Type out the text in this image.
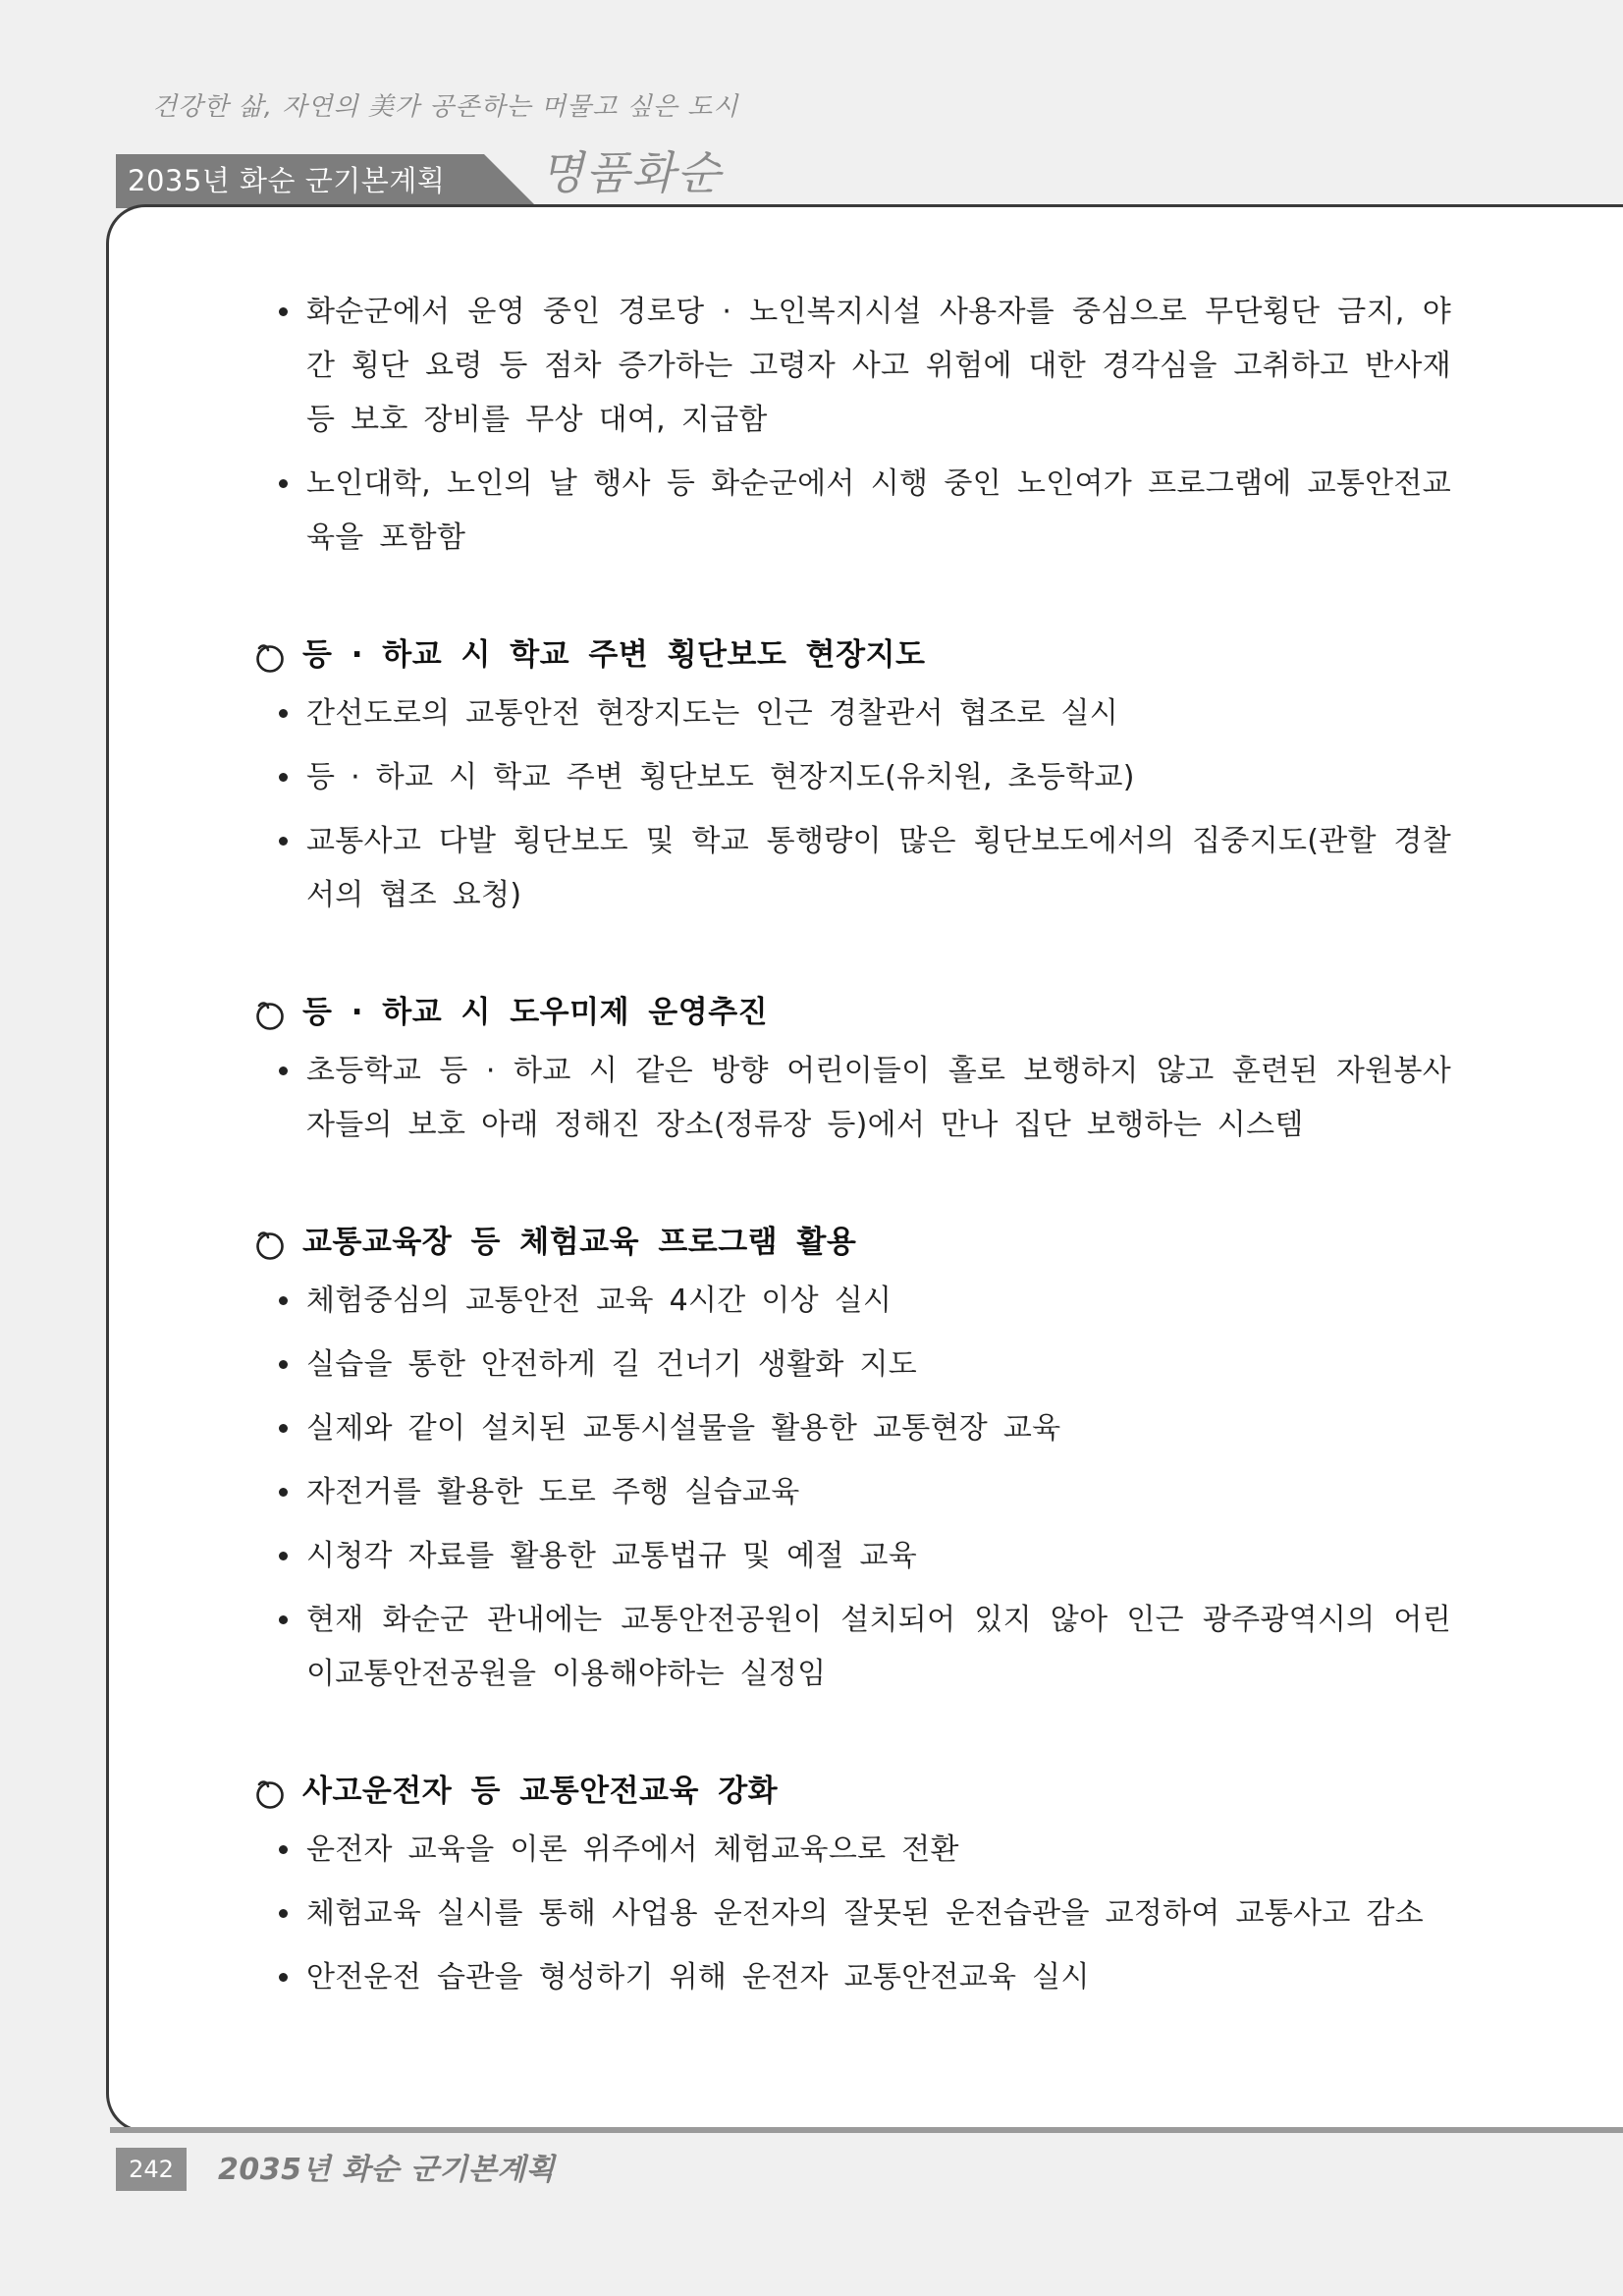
건강한 삶, 자연의 美가 공존하는 머물고 싶은 도시
2035년 화순 군기본계획 명품화순
화순군에서 운영 중인 경로당 · 노인복지시설 사용자를 중심으로 무단횡단 금지, 야간 횡단 요령 등 점차 증가하는 고령자 사고 위험에 대한 경각심을 고취하고 반사재 등 보호 장비를 무상 대여, 지급함
노인대학, 노인의 날 행사 등 화순군에서 시행 중인 노인여가 프로그램에 교통안전교육을 포함함
등 · 하교 시 학교 주변 횡단보도 현장지도
간선도로의 교통안전 현장지도는 인근 경찰관서 협조로 실시
등 · 하교 시 학교 주변 횡단보도 현장지도(유치원, 초등학교)
교통사고 다발 횡단보도 및 학교 통행량이 많은 횡단보도에서의 집중지도(관할 경찰서의 협조 요청)
등 · 하교 시 도우미제 운영추진
초등학교 등 · 하교 시 같은 방향 어린이들이 홀로 보행하지 않고 훈련된 자원봉사자들의 보호 아래 정해진 장소(정류장 등)에서 만나 집단 보행하는 시스템
교통교육장 등 체험교육 프로그램 활용
체험중심의 교통안전 교육 4시간 이상 실시
실습을 통한 안전하게 길 건너기 생활화 지도
실제와 같이 설치된 교통시설물을 활용한 교통현장 교육
자전거를 활용한 도로 주행 실습교육
시청각 자료를 활용한 교통법규 및 예절 교육
현재 화순군 관내에는 교통안전공원이 설치되어 있지 않아 인근 광주광역시의 어린이교통안전공원을 이용해야하는 실정임
사고운전자 등 교통안전교육 강화
운전자 교육을 이론 위주에서 체험교육으로 전환
체험교육 실시를 통해 사업용 운전자의 잘못된 운전습관을 교정하여 교통사고 감소
안전운전 습관을 형성하기 위해 운전자 교통안전교육 실시
242	2035년 화순 군기본계획
